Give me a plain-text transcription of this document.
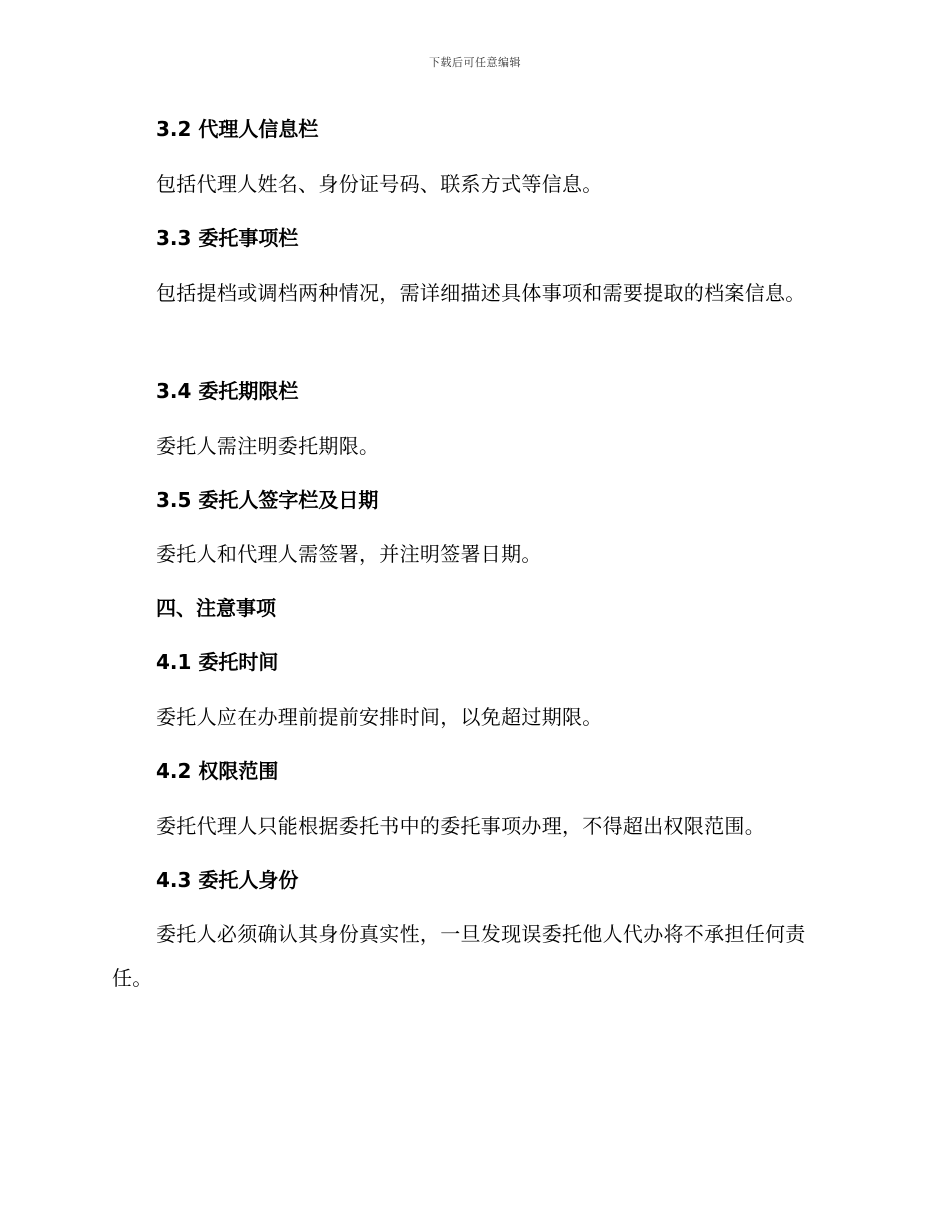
下载后可任意编辑
3.2 代理人信息栏
包括代理人姓名、身份证号码、联系方式等信息。
3.3 委托事项栏
包括提档或调档两种情况，需详细描述具体事项和需要提取的档案信息。
3.4 委托期限栏
委托人需注明委托期限。
3.5 委托人签字栏及日期
委托人和代理人需签署，并注明签署日期。
四、注意事项
4.1 委托时间
委托人应在办理前提前安排时间，以免超过期限。
4.2 权限范围
委托代理人只能根据委托书中的委托事项办理，不得超出权限范围。
4.3 委托人身份
委托人必须确认其身份真实性，一旦发现误委托他人代办将不承担任何责任。
